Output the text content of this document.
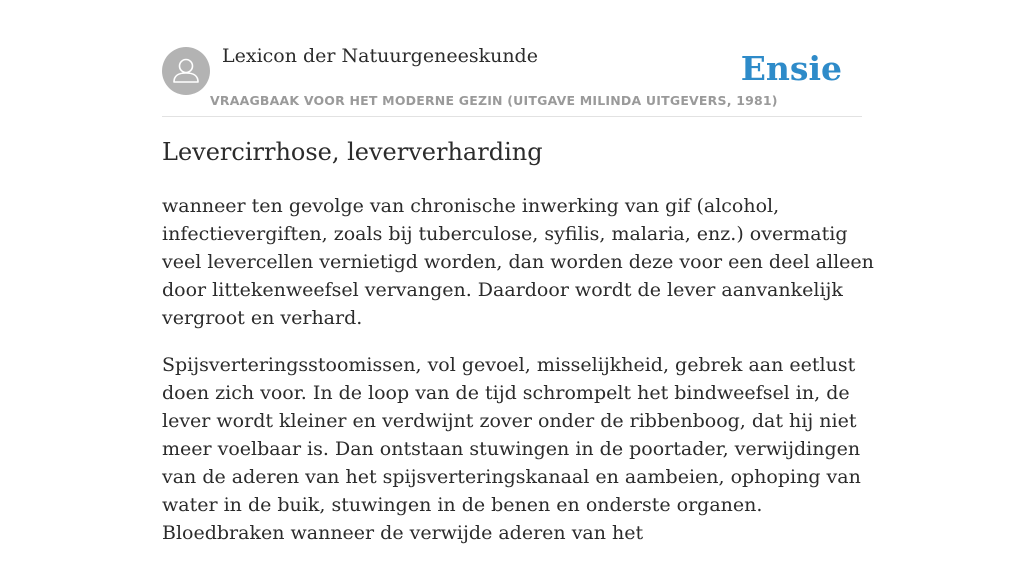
Lexicon der Natuurgeneeskunde
VRAAGBAAK VOOR HET MODERNE GEZIN (UITGAVE MILINDA UITGEVERS, 1981)
Ensie
Levercirrhose, leververharding

wanneer ten gevolge van chronische inwerking van gif (alcohol, infectievergiften, zoals bij tuberculose, syfilis, malaria, enz.) overmatig veel levercellen vernietigd worden, dan worden deze voor een deel alleen door littekenweefsel vervangen. Daardoor wordt de lever aanvankelijk vergroot en verhard.

Spijsverteringsstoomissen, vol gevoel, misselijkheid, gebrek aan eetlust doen zich voor. In de loop van de tijd schrompelt het bindweefsel in, de lever wordt kleiner en verdwijnt zover onder de ribbenboog, dat hij niet meer voelbaar is. Dan ontstaan stuwingen in de poortader, verwijdingen van de aderen van het spijsverteringskanaal en aambeien, ophoping van water in de buik, stuwingen in de benen en onderste organen. Bloedbraken wanneer de verwijde aderen van het
